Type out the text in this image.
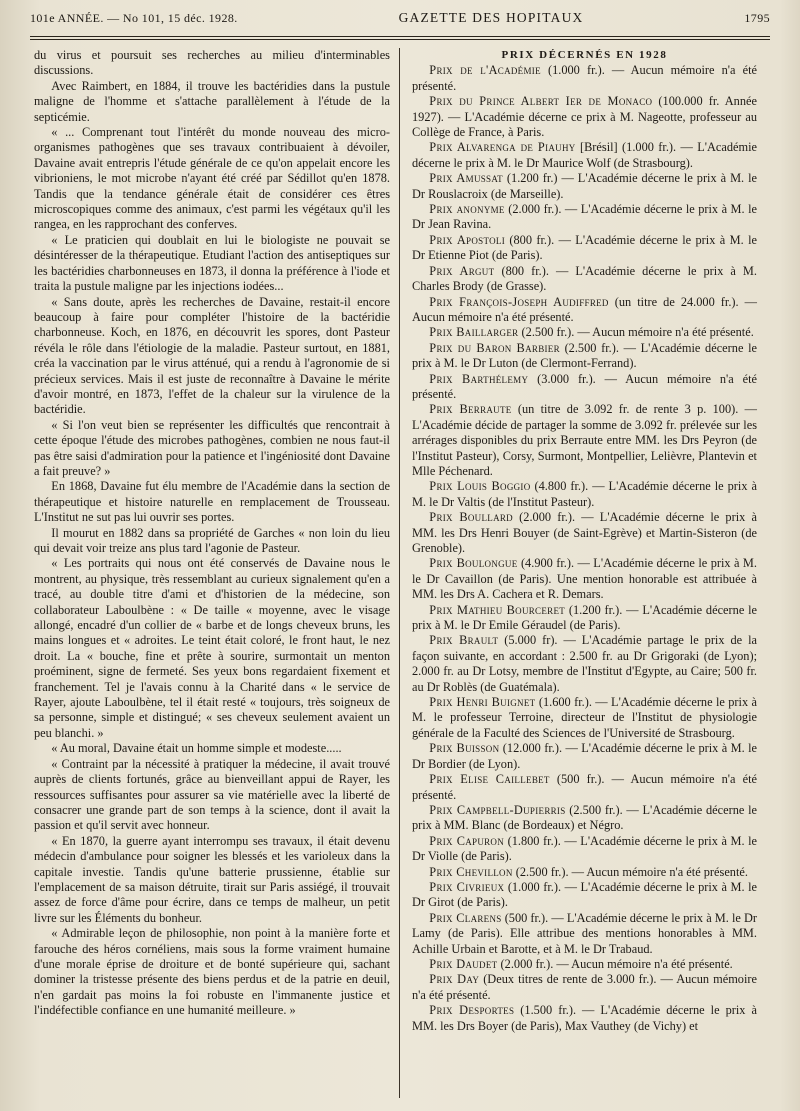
101e ANNÉE. — No 101, 15 déc. 1928.	GAZETTE DES HOPITAUX	1795

du virus et poursuit ses recherches au milieu d'interminables discussions.

Avec Raimbert, en 1884, il trouve les bactéridies dans la pustule maligne de l'homme et s'attache parallèlement à l'étude de la septicémie.

« ... Comprenant tout l'intérêt du monde nouveau des micro-organismes pathogènes que ses travaux contribuaient à dévoiler, Davaine avait entrepris l'étude générale de ce qu'on appelait encore les vibrioniens, le mot microbe n'ayant été créé par Sédillot qu'en 1878. Tandis que la tendance générale était de considérer ces êtres microscopiques comme des animaux, c'est parmi les végétaux qu'il les rangea, en les rapprochant des conferves.

« Le praticien qui doublait en lui le biologiste ne pouvait se désintéresser de la thérapeutique. Etudiant l'action des antiseptiques sur les bactéridies charbonneuses en 1873, il donna la préférence à l'iode et traita la pustule maligne par les injections iodées...

« Sans doute, après les recherches de Davaine, restait-il encore beaucoup à faire pour compléter l'histoire de la bactéridie charbonneuse. Koch, en 1876, en découvrit les spores, dont Pasteur révéla le rôle dans l'étiologie de la maladie. Pasteur surtout, en 1881, créa la vaccination par le virus atténué, qui a rendu à l'agronomie de si précieux services. Mais il est juste de reconnaître à Davaine le mérite d'avoir montré, en 1873, l'effet de la chaleur sur la virulence de la bactéridie.

« Si l'on veut bien se représenter les difficultés que rencontrait à cette époque l'étude des microbes pathogènes, combien ne nous faut-il pas être saisi d'admiration pour la patience et l'ingéniosité dont Davaine a fait preuve? »

En 1868, Davaine fut élu membre de l'Académie dans la section de thérapeutique et histoire naturelle en remplacement de Trousseau. L'Institut ne sut pas lui ouvrir ses portes.

Il mourut en 1882 dans sa propriété de Garches « non loin du lieu qui devait voir treize ans plus tard l'agonie de Pasteur.

« Les portraits qui nous ont été conservés de Davaine nous le montrent, au physique, très ressemblant au curieux signalement qu'en a tracé, au double titre d'ami et d'historien de la médecine, son collaborateur Laboulbène : « De taille « moyenne, avec le visage allongé, encadré d'un collier de « barbe et de longs cheveux bruns, les mains longues et « adroites. Le teint était coloré, le front haut, le nez droit. La « bouche, fine et prête à sourire, surmontait un menton proéminent, signe de fermeté. Ses yeux bons regardaient fixement et franchement. Tel je l'avais connu à la Charité dans « le service de Rayer, ajoute Laboulbène, tel il était resté « toujours, très soigneux de sa personne, simple et distingué; « ses cheveux seulement avaient un peu blanchi. »

« Au moral, Davaine était un homme simple et modeste.....

« Contraint par la nécessité à pratiquer la médecine, il avait trouvé auprès de clients fortunés, grâce au bienveillant appui de Rayer, les ressources suffisantes pour assurer sa vie matérielle avec la liberté de consacrer une grande part de son temps à la science, dont il avait la passion et qu'il servit avec honneur.

« En 1870, la guerre ayant interrompu ses travaux, il était devenu médecin d'ambulance pour soigner les blessés et les varioleux dans la capitale investie. Tandis qu'une batterie prussienne, établie sur l'emplacement de sa maison détruite, tirait sur Paris assiégé, il trouvait assez de force d'âme pour écrire, dans ce temps de malheur, un petit livre sur les Éléments du bonheur.

« Admirable leçon de philosophie, non point à la manière forte et farouche des héros cornéliens, mais sous la forme vraiment humaine d'une morale éprise de droiture et de bonté supérieure qui, sachant dominer la tristesse présente des biens perdus et de la patrie en deuil, n'en gardait pas moins la foi robuste en l'immanente justice et l'indéfectible confiance en une humanité meilleure. »

PRIX DÉCERNÉS EN 1928

Prix de l'Académie (1.000 fr.). — Aucun mémoire n'a été présenté.

Prix du Prince Albert Ier de Monaco (100.000 fr. Année 1927). — L'Académie décerne ce prix à M. Nageotte, professeur au Collège de France, à Paris.

Prix Alvarenga de Piauhy [Brésil] (1.000 fr.). — L'Académie décerne le prix à M. le Dr Maurice Wolf (de Strasbourg).

Prix Amussat (1.200 fr.) — L'Académie décerne le prix à M. le Dr Rouslacroix (de Marseille).

Prix anonyme (2.000 fr.). — L'Académie décerne le prix à M. le Dr Jean Ravina.

Prix Apostoli (800 fr.). — L'Académie décerne le prix à M. le Dr Etienne Piot (de Paris).

Prix Argut (800 fr.). — L'Académie décerne le prix à M. Charles Brody (de Grasse).

Prix François-Joseph Audiffred (un titre de 24.000 fr.). — Aucun mémoire n'a été présenté.

Prix Baillarger (2.500 fr.). — Aucun mémoire n'a été présenté.

Prix du Baron Barbier (2.500 fr.). — L'Académie décerne le prix à M. le Dr Luton (de Clermont-Ferrand).

Prix Barthélemy (3.000 fr.). — Aucun mémoire n'a été présenté.

Prix Berraute (un titre de 3.092 fr. de rente 3 p. 100). — L'Académie décide de partager la somme de 3.092 fr. prélevée sur les arrérages disponibles du prix Berraute entre MM. les Drs Peyron (de l'Institut Pasteur), Corsy, Surmont, Montpellier, Lelièvre, Plantevin et Mlle Péchenard.

Prix Louis Boggio (4.800 fr.). — L'Académie décerne le prix à M. le Dr Valtis (de l'Institut Pasteur).

Prix Boullard (2.000 fr.). — L'Académie décerne le prix à MM. les Drs Henri Bouyer (de Saint-Egrève) et Martin-Sisteron (de Grenoble).

Prix Boulongue (4.900 fr.). — L'Académie décerne le prix à M. le Dr Cavaillon (de Paris). Une mention honorable est attribuée à MM. les Drs A. Cachera et R. Demars.

Prix Mathieu Bourceret (1.200 fr.). — L'Académie décerne le prix à M. le Dr Emile Géraudel (de Paris).

Prix Brault (5.000 fr). — L'Académie partage le prix de la façon suivante, en accordant : 2.500 fr. au Dr Grigoraki (de Lyon); 2.000 fr. au Dr Lotsy, membre de l'Institut d'Egypte, au Caire; 500 fr. au Dr Roblès (de Guatémala).

Prix Henri Buignet (1.600 fr.). — L'Académie décerne le prix à M. le professeur Terroine, directeur de l'Institut de physiologie générale de la Faculté des Sciences de l'Université de Strasbourg.

Prix Buisson (12.000 fr.). — L'Académie décerne le prix à M. le Dr Bordier (de Lyon).

Prix Elise Caillebet (500 fr.). — Aucun mémoire n'a été présenté.

Prix Campbell-Dupierris (2.500 fr.). — L'Académie décerne le prix à MM. Blanc (de Bordeaux) et Négro.

Prix Capuron (1.800 fr.). — L'Académie décerne le prix à M. le Dr Violle (de Paris).

Prix Chevillon (2.500 fr.). — Aucun mémoire n'a été présenté.

Prix Civrieux (1.000 fr.). — L'Académie décerne le prix à M. le Dr Girot (de Paris).

Prix Clarens (500 fr.). — L'Académie décerne le prix à M. le Dr Lamy (de Paris). Elle attribue des mentions honorables à MM. Achille Urbain et Barotte, et à M. le Dr Trabaud.

Prix Daudet (2.000 fr.). — Aucun mémoire n'a été présenté.

Prix Day (Deux titres de rente de 3.000 fr.). — Aucun mémoire n'a été présenté.

Prix Desportes (1.500 fr.). — L'Académie décerne le prix à MM. les Drs Boyer (de Paris), Max Vauthey (de Vichy) et
